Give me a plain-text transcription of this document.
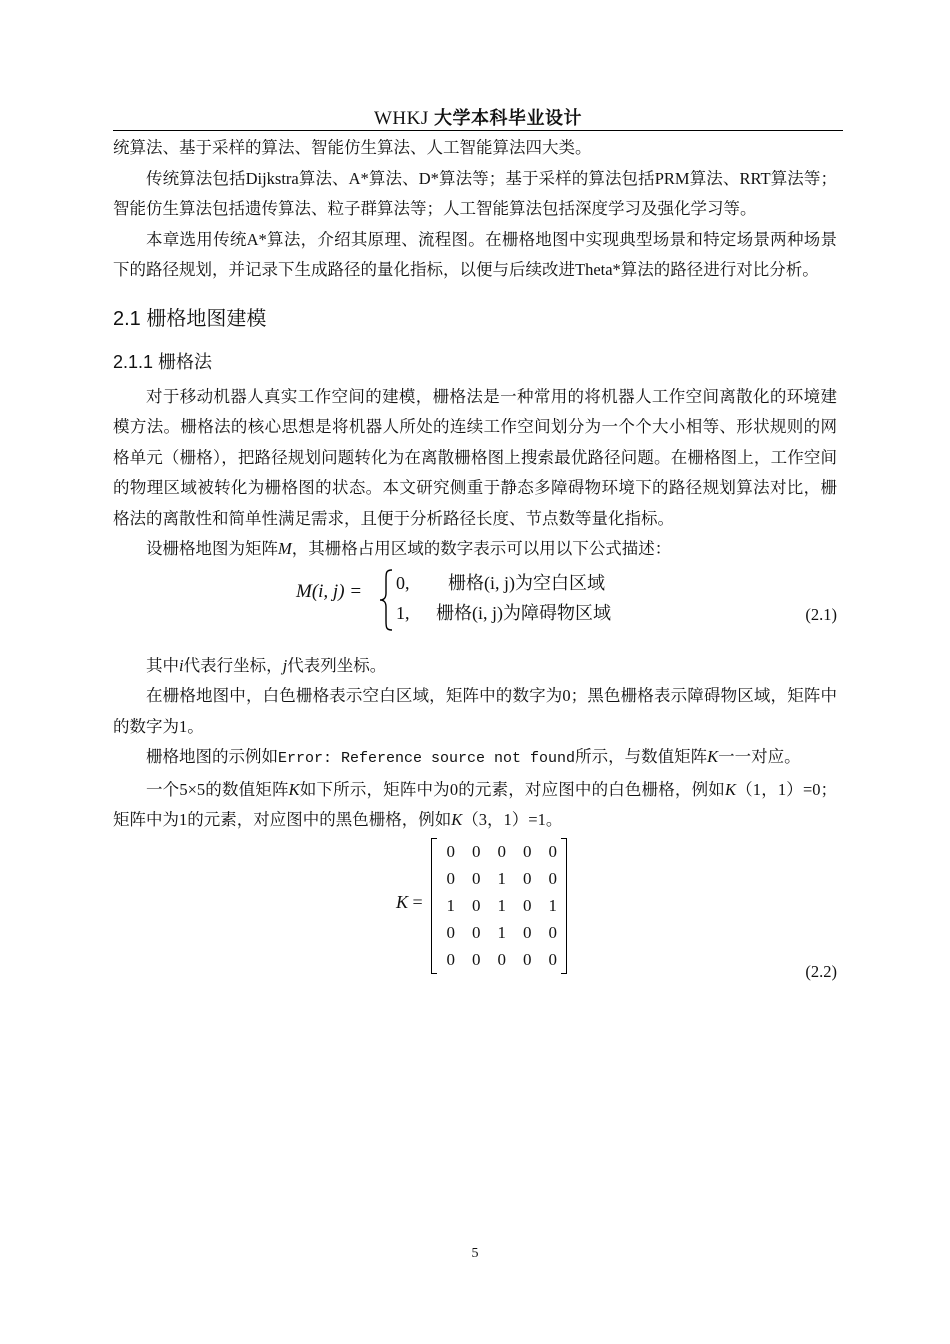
WHKJ 大学本科毕业设计

统算法、基于采样的算法、智能仿生算法、人工智能算法四大类。

传统算法包括Dijkstra算法、A*算法、D*算法等；基于采样的算法包括PRM算法、RRT算法等；智能仿生算法包括遗传算法、粒子群算法等；人工智能算法包括深度学习及强化学习等。

本章选用传统A*算法，介绍其原理、流程图。在栅格地图中实现典型场景和特定场景两种场景下的路径规划，并记录下生成路径的量化指标，以便与后续改进Theta*算法的路径进行对比分析。

2.1 栅格地图建模
2.1.1 栅格法

对于移动机器人真实工作空间的建模，栅格法是一种常用的将机器人工作空间离散化的环境建模方法。栅格法的核心思想是将机器人所处的连续工作空间划分为一个个大小相等、形状规则的网格单元（栅格），把路径规划问题转化为在离散栅格图上搜索最优路径问题。在栅格图上，工作空间的物理区域被转化为栅格图的状态。本文研究侧重于静态多障碍物环境下的路径规划算法对比，栅格法的离散性和简单性满足需求，且便于分析路径长度、节点数等量化指标。

设栅格地图为矩阵M，其栅格占用区域的数字表示可以用以下公式描述：

M(i, j) = 0, 栅格(i, j)为空白区域
1, 栅格(i, j)为障碍物区域	(2.1)

其中i代表行坐标，j代表列坐标。

在栅格地图中，白色栅格表示空白区域，矩阵中的数字为0；黑色栅格表示障碍物区域，矩阵中的数字为1。

栅格地图的示例如Error: Reference source not found所示，与数值矩阵K一一对应。

一个5×5的数值矩阵K如下所示，矩阵中为0的元素，对应图中的白色栅格，例如K（1，1）=0；矩阵中为1的元素，对应图中的黑色栅格，例如K（3，1）=1。

K =
0	0	0	0	0
0	0	1	0	0
1	0	1	0	1
0	0	1	0	0
0	0	0	0	0
(2.2)
5
